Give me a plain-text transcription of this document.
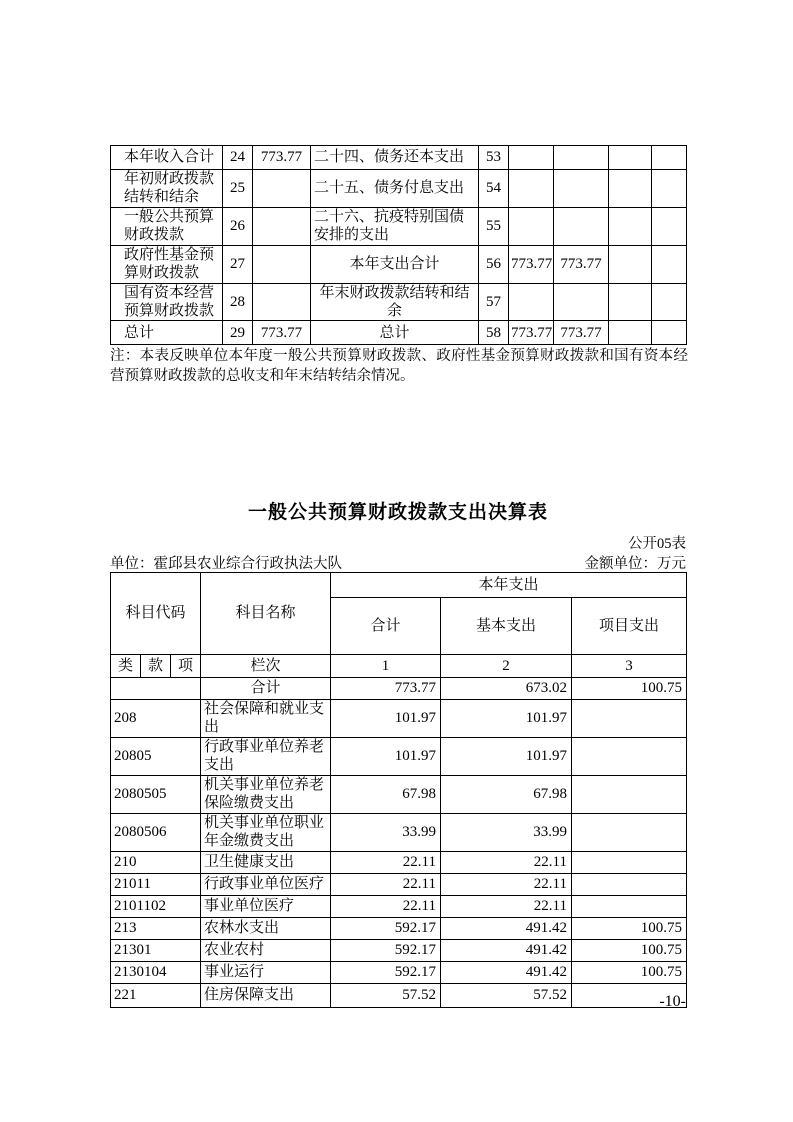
本年收入合计	24	773.77	二十四、债务还本支出	53				
年初财政拨款结转和结余	25		二十五、债务付息支出	54				
一般公共预算财政拨款	26		二十六、抗疫特别国债安排的支出	55				
政府性基金预算财政拨款	27		本年支出合计	56	773.77	773.77		
国有资本经营预算财政拨款	28		年末财政拨款结转和结余	57				
总计	29	773.77	总计	58	773.77	773.77		
注：本表反映单位本年度一般公共预算财政拨款、政府性基金预算财政拨款和国有资本经营预算财政拨款的总收支和年末结转结余情况。
一般公共预算财政拨款支出决算表
公开05表
单位：霍邱县农业综合行政执法大队	金额单位：万元
科目代码	科目名称	本年支出		
		合计	基本支出	项目支出

类 款 项	栏次	1	2	3
	合计	773.77	673.02	100.75
208	社会保障和就业支出	101.97	101.97	
20805	行政事业单位养老支出	101.97	101.97	
2080505	机关事业单位养老保险缴费支出	67.98	67.98	
2080506	机关事业单位职业年金缴费支出	33.99	33.99	
210	卫生健康支出	22.11	22.11	
21011	行政事业单位医疗	22.11	22.11	
2101102	事业单位医疗	22.11	22.11	
213	农林水支出	592.17	491.42	100.75
21301	农业农村	592.17	491.42	100.75
2130104	事业运行	592.17	491.42	100.75
221	住房保障支出	57.52	57.52		-10-
